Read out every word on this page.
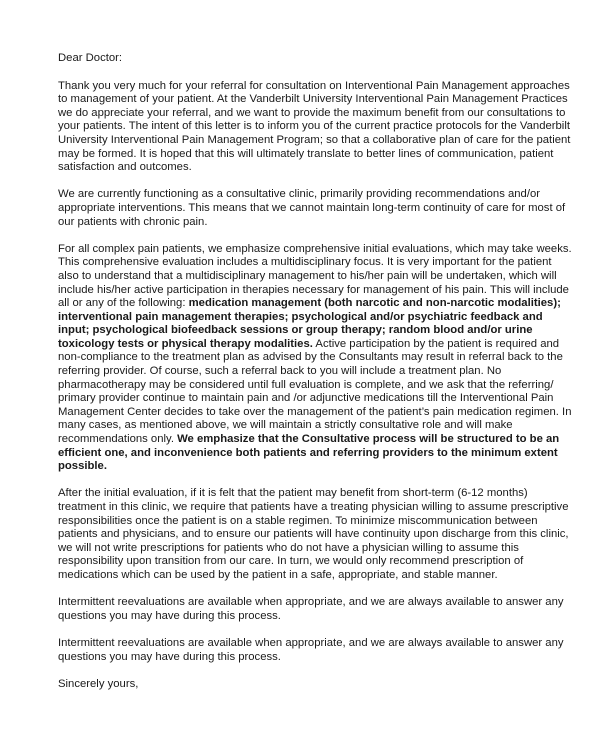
Dear Doctor:

Thank you very much for your referral for consultation on Interventional Pain Management approaches to management of your patient. At the Vanderbilt University Interventional Pain Management Practices we do appreciate your referral, and we want to provide the maximum benefit from our consultations to your patients. The intent of this letter is to inform you of the current practice protocols for the Vanderbilt University Interventional Pain Management Program; so that a collaborative plan of care for the patient may be formed. It is hoped that this will ultimately translate to better lines of communication, patient satisfaction and outcomes.

We are currently functioning as a consultative clinic, primarily providing recommendations and/or appropriate interventions. This means that we cannot maintain long-term continuity of care for most of our patients with chronic pain.

For all complex pain patients, we emphasize comprehensive initial evaluations, which may take weeks. This comprehensive evaluation includes a multidisciplinary focus. It is very important for the patient also to understand that a multidisciplinary management to his/her pain will be undertaken, which will include his/her active participation in therapies necessary for management of his pain. This will include all or any of the following: medication management (both narcotic and non-narcotic modalities); interventional pain management therapies; psychological and/or psychiatric feedback and input; psychological biofeedback sessions or group therapy; random blood and/or urine toxicology tests or physical therapy modalities. Active participation by the patient is required and non-compliance to the treatment plan as advised by the Consultants may result in referral back to the referring provider. Of course, such a referral back to you will include a treatment plan. No pharmacotherapy may be considered until full evaluation is complete, and we ask that the referring/ primary provider continue to maintain pain and /or adjunctive medications till the Interventional Pain Management Center decides to take over the management of the patient’s pain medication regimen. In many cases, as mentioned above, we will maintain a strictly consultative role and will make recommendations only. We emphasize that the Consultative process will be structured to be an efficient one, and inconvenience both patients and referring providers to the minimum extent possible.

After the initial evaluation, if it is felt that the patient may benefit from short-term (6-12 months) treatment in this clinic, we require that patients have a treating physician willing to assume prescriptive responsibilities once the patient is on a stable regimen. To minimize miscommunication between patients and physicians, and to ensure our patients will have continuity upon discharge from this clinic, we will not write prescriptions for patients who do not have a physician willing to assume this responsibility upon transition from our care. In turn, we would only recommend prescription of medications which can be used by the patient in a safe, appropriate, and stable manner.

Intermittent reevaluations are available when appropriate, and we are always available to answer any questions you may have during this process.

Intermittent reevaluations are available when appropriate, and we are always available to answer any questions you may have during this process.

Sincerely yours,
